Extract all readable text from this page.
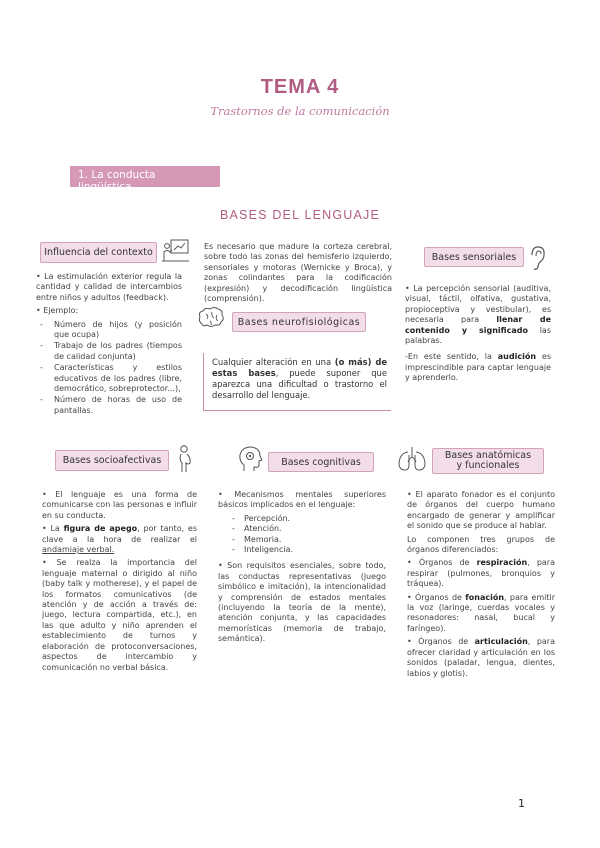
TEMA 4
Trastornos de la comunicación
1. La conducta lingüística
BASES DEL LENGUAJE
Influencia del contexto

• La estimulación exterior regula la cantidad y calidad de intercambios entre niños y adultos (feedback).

• Ejemplo:

- Número de hijos (y posición que ocupa)
- Trabajo de los padres (tiempos de calidad conjunta)
- Características y estilos educativos de los padres (libre, democrático, sobreprotector...),
- Número de horas de uso de pantallas.
Es necesario que madure la corteza cerebral, sobre todo las zonas del hemisferio izquierdo, sensoriales y motoras (Wernicke y Broca), y zonas colindantes para la codificación (expresión) y decodificación lingüística (comprensión).
Bases neurofisiológicas
Cualquier alteración en una (o más) de estas bases, puede suponer que aparezca una dificultad o trastorno el desarrollo del lenguaje.
Bases sensoriales

• La percepción sensorial (auditiva, visual, táctil, olfativa, gustativa, propioceptiva y vestibular), es necesaria para llenar de contenido y significado las palabras.

-En este sentido, la audición es imprescindible para captar lenguaje y aprenderlo.

Bases socioafectivas

• El lenguaje es una forma de comunicarse con las personas e influir en su conducta.

• La figura de apego, por tanto, es clave a la hora de realizar el andamiaje verbal.

• Se realza la importancia del lenguaje maternal o dirigido al niño (baby talk y motherese), y el papel de los formatos comunicativos (de atención y de acción a través de: juego, lectura compartida, etc.), en las que adulto y niño aprenden el establecimiento de turnos y elaboración de protoconversaciones, aspectos de intercambio y comunicación no verbal básica.

Bases cognitivas

• Mecanismos mentales superiores básicos implicados en el lenguaje:

- Percepción.
- Atención.
- Memoria.
- Inteligencia.

• Son requisitos esenciales, sobre todo, las conductas representativas (juego simbólico e imitación), la intencionalidad y comprensión de estados mentales (incluyendo la teoría de la mente), atención conjunta, y las capacidades memorísticas (memoria de trabajo, semántica).

Bases anatómicas y funcionales

• El aparato fonador es el conjunto de órganos del cuerpo humano encargado de generar y amplificar el sonido que se produce al hablar.

Lo componen tres grupos de órganos diferenciados:

• Órganos de respiración, para respirar (pulmones, bronquios y tráquea).

• Órganos de fonación, para emitir la voz (laringe, cuerdas vocales y resonadores: nasal, bucal y faríngeo).

• Órganos de articulación, para ofrecer claridad y articulación en los sonidos (paladar, lengua, dientes, labios y glotis).

1
